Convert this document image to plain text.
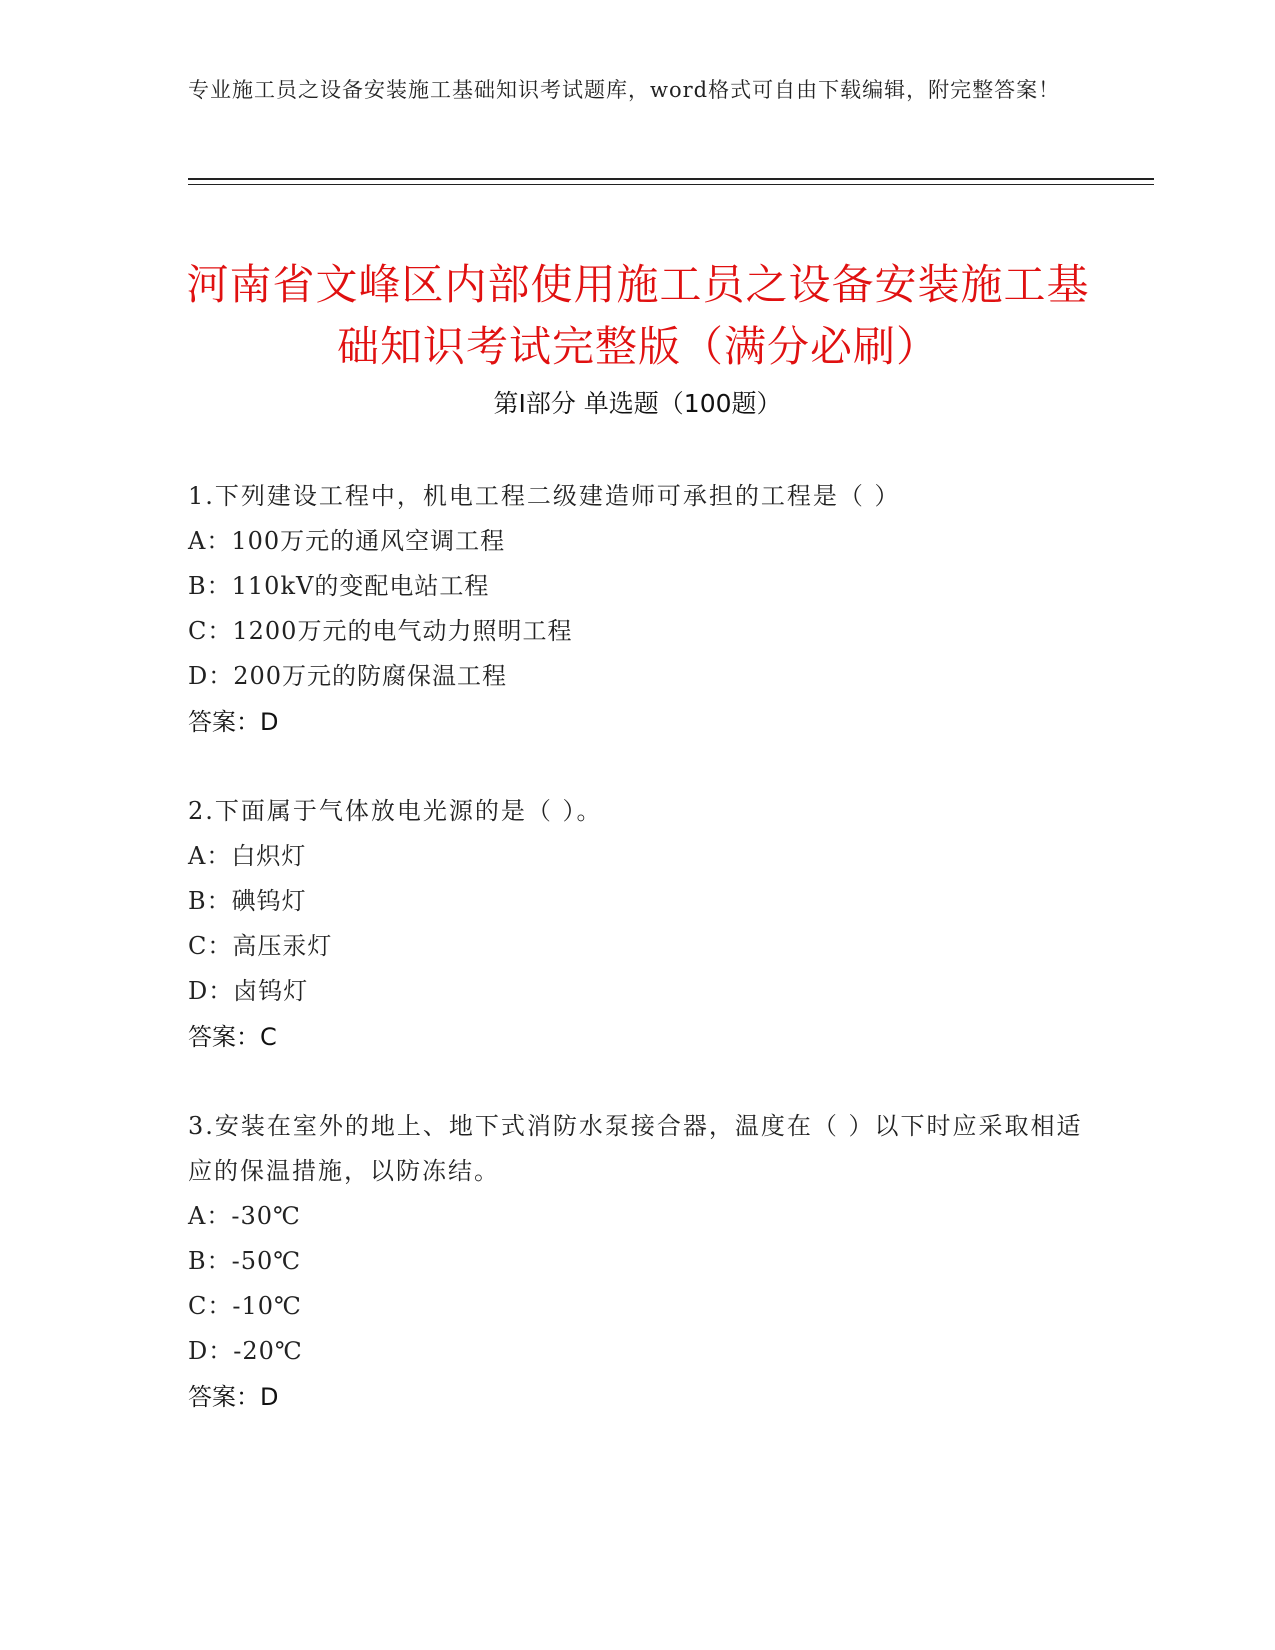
专业施工员之设备安装施工基础知识考试题库，word格式可自由下载编辑，附完整答案！
河南省文峰区内部使用施工员之设备安装施工基础知识考试完整版（满分必刷）
第Ⅰ部分 单选题（100题）
1.下列建设工程中，机电工程二级建造师可承担的工程是（ ）
A：100万元的通风空调工程
B：110kV的变配电站工程
C：1200万元的电气动力照明工程
D：200万元的防腐保温工程
答案：D
2.下面属于气体放电光源的是（ ）。
A：白炽灯
B：碘钨灯
C：高压汞灯
D：卤钨灯
答案：C
3.安装在室外的地上、地下式消防水泵接合器，温度在（ ）以下时应采取相适应的保温措施，以防冻结。
A：-30℃
B：-50℃
C：-10℃
D：-20℃
答案：D
